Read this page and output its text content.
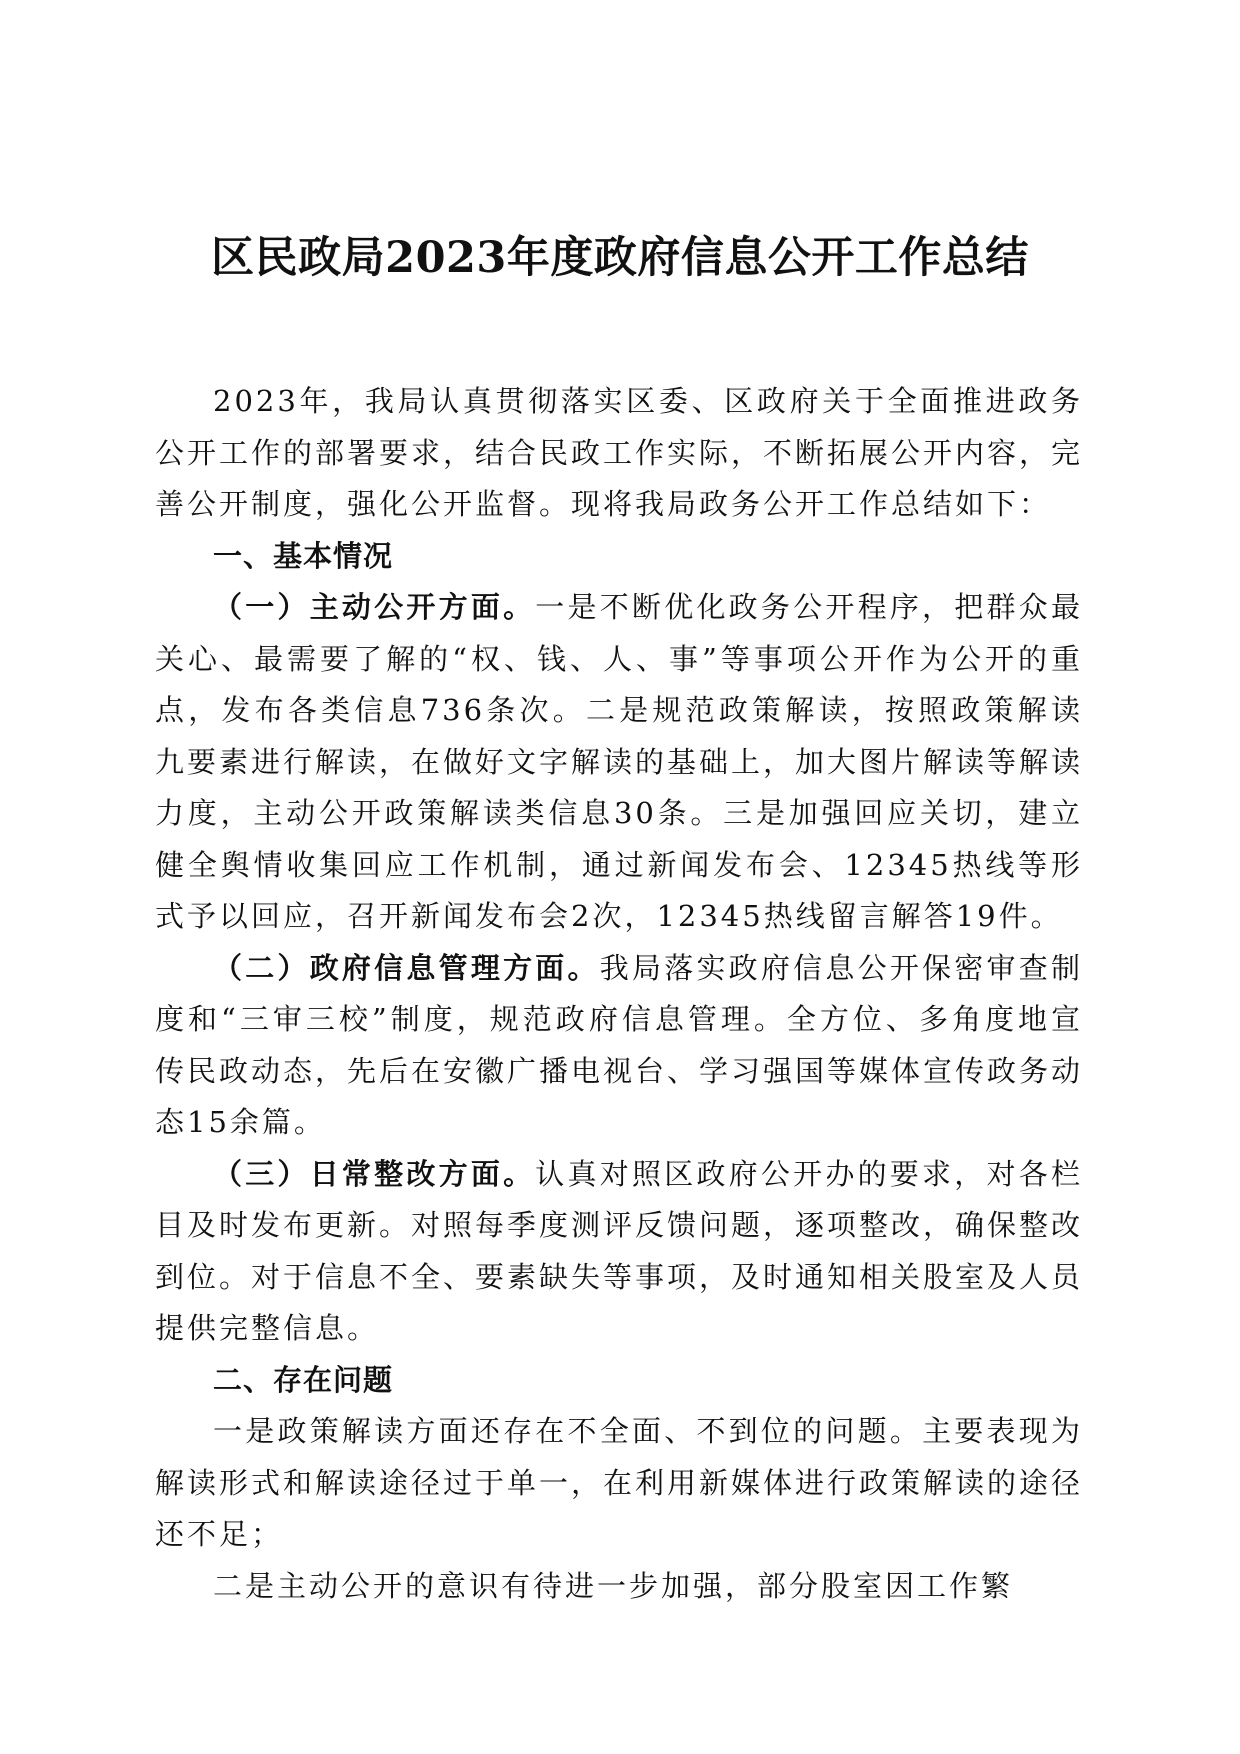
区民政局2023年度政府信息公开工作总结

2023年，我局认真贯彻落实区委、区政府关于全面推进政务公开工作的部署要求，结合民政工作实际，不断拓展公开内容，完善公开制度，强化公开监督。现将我局政务公开工作总结如下：

一、基本情况

（一）主动公开方面。一是不断优化政务公开程序，把群众最关心、最需要了解的“权、钱、人、事”等事项公开作为公开的重点，发布各类信息736条次。二是规范政策解读，按照政策解读九要素进行解读，在做好文字解读的基础上，加大图片解读等解读力度，主动公开政策解读类信息30条。三是加强回应关切，建立健全舆情收集回应工作机制，通过新闻发布会、12345热线等形式予以回应，召开新闻发布会2次，12345热线留言解答19件。

（二）政府信息管理方面。我局落实政府信息公开保密审查制度和“三审三校”制度，规范政府信息管理。全方位、多角度地宣传民政动态，先后在安徽广播电视台、学习强国等媒体宣传政务动态15余篇。

（三）日常整改方面。认真对照区政府公开办的要求，对各栏目及时发布更新。对照每季度测评反馈问题，逐项整改，确保整改到位。对于信息不全、要素缺失等事项，及时通知相关股室及人员提供完整信息。

二、存在问题

一是政策解读方面还存在不全面、不到位的问题。主要表现为解读形式和解读途径过于单一，在利用新媒体进行政策解读的途径还不足；

二是主动公开的意识有待进一步加强，部分股室因工作繁
